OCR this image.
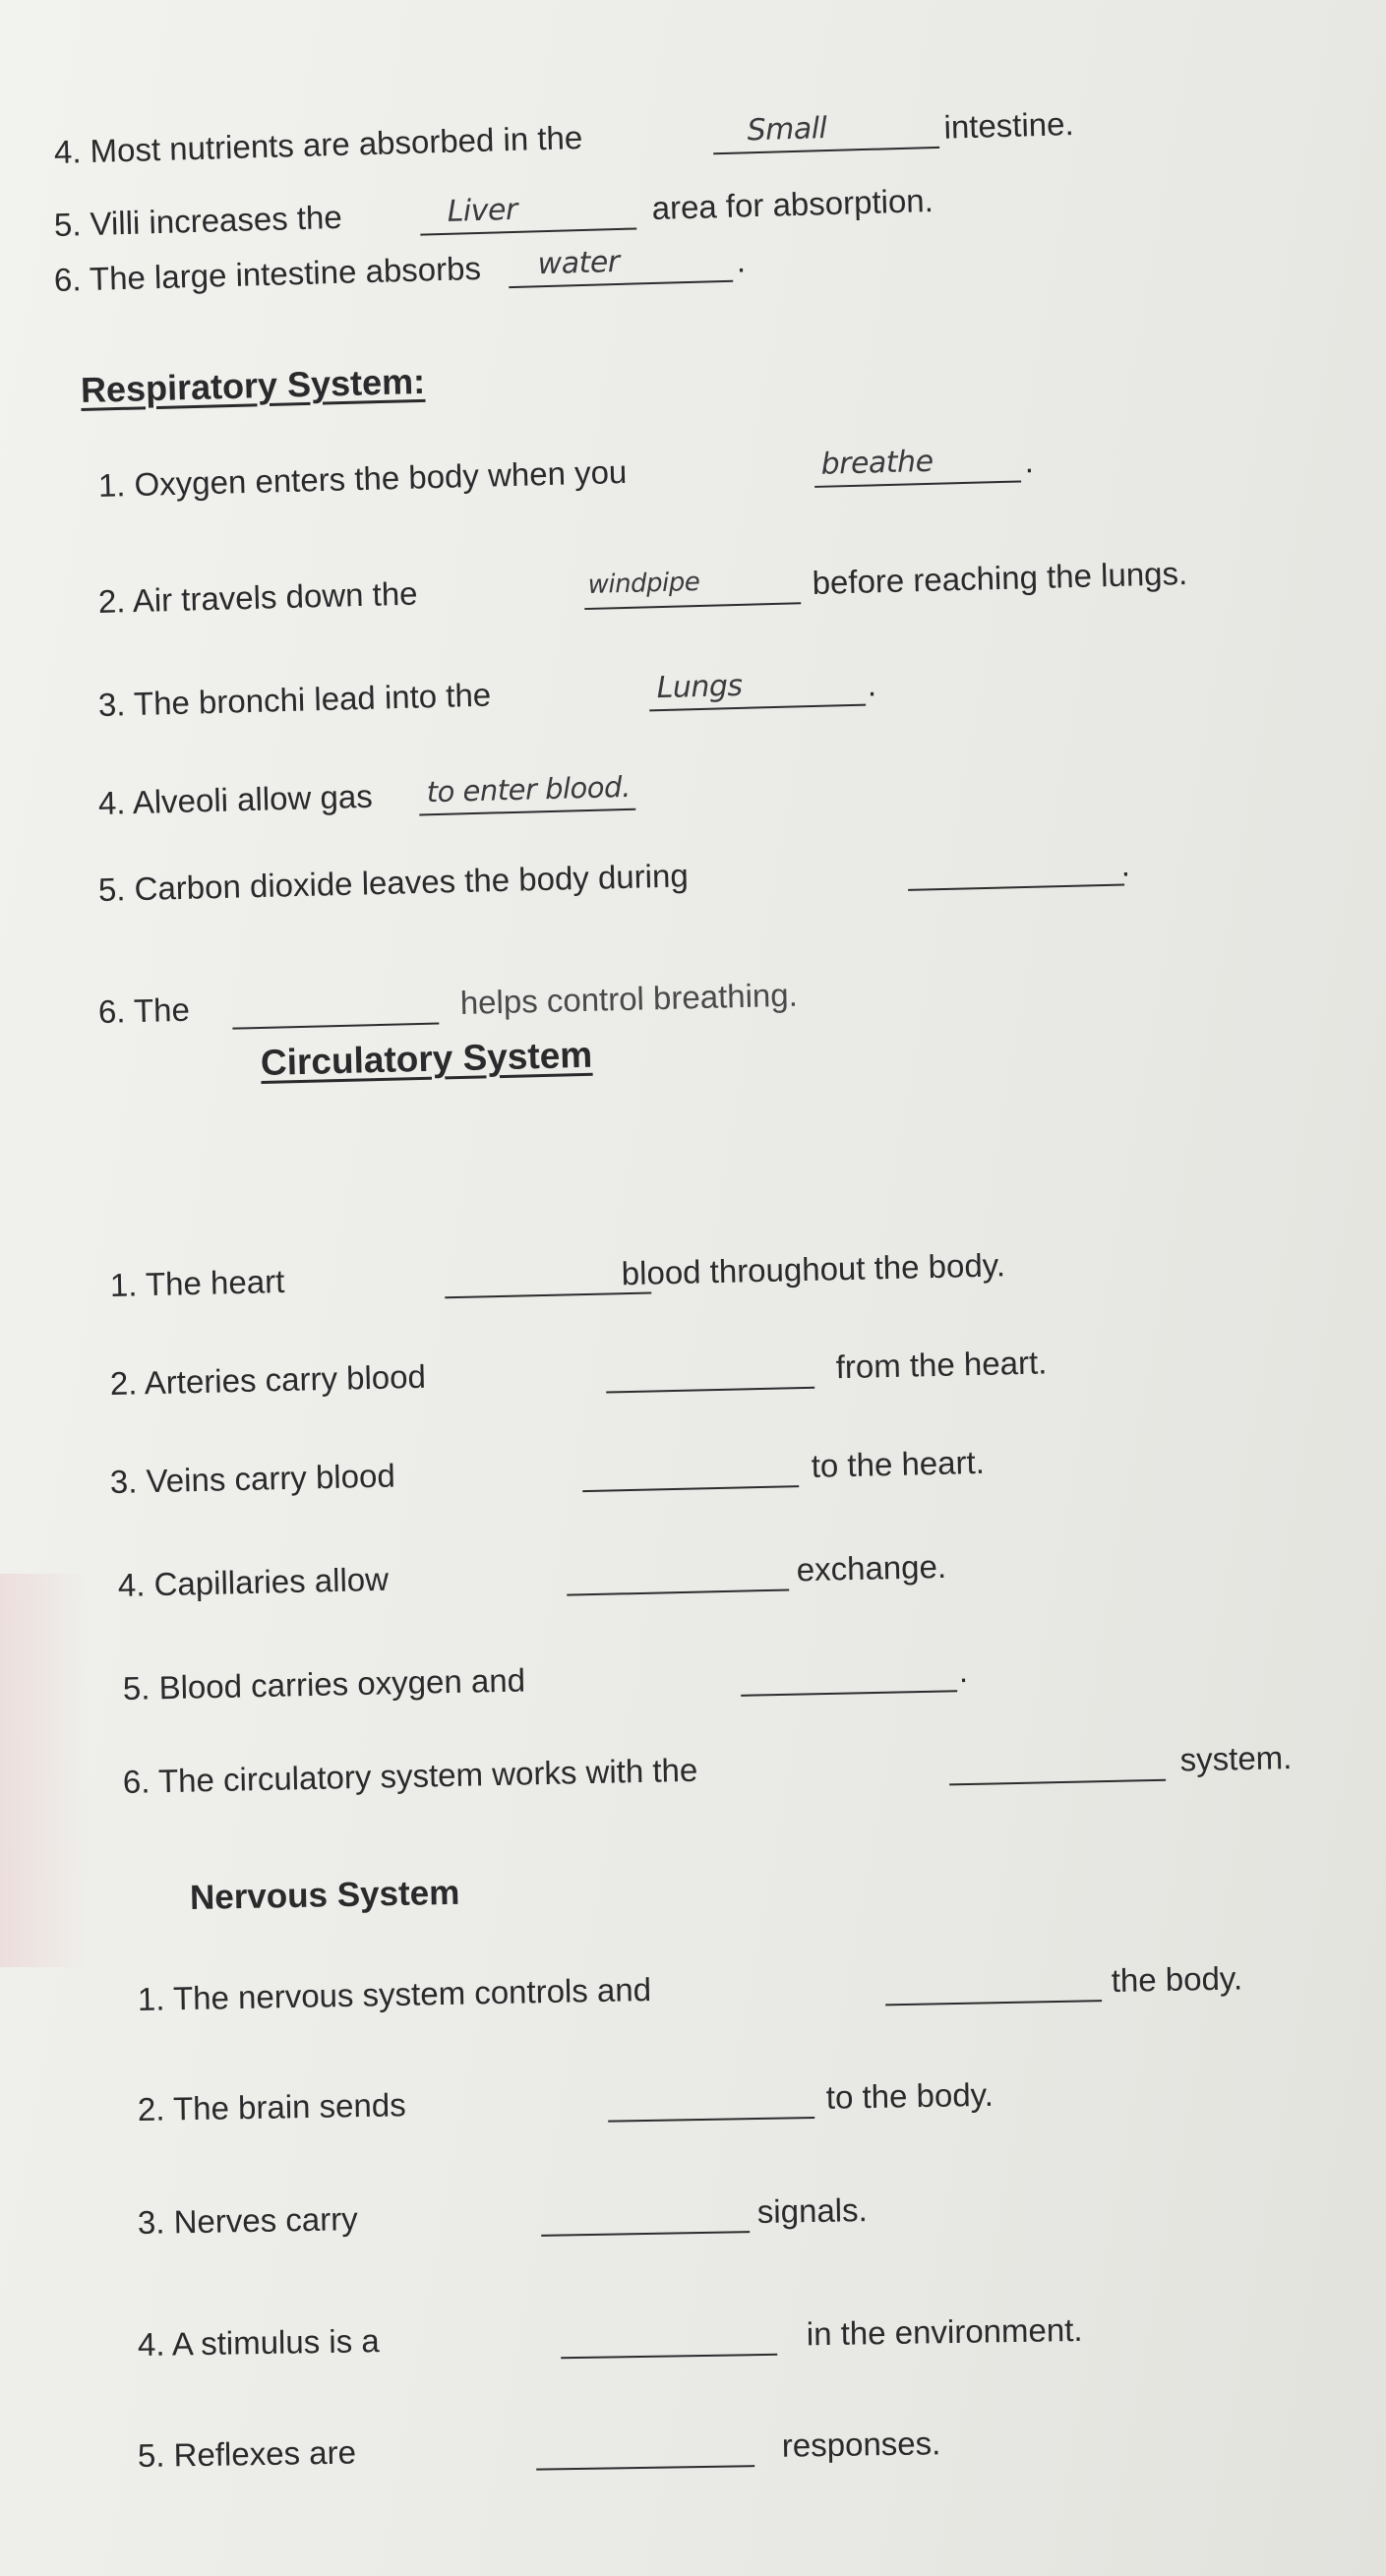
4. Most nutrients are absorbed in the	Small	intestine.
5. Villi increases the	Liver	area for absorption.
6. The large intestine absorbs water	.
Respiratory System:
1. Oxygen enters the body when you	breathe	.
2. Air travels down the	windpipe	before reaching the lungs.
3. The bronchi lead into the	Lungs	.
4. Alveoli allow gas to enter blood.
5. Carbon dioxide leaves the body during	.
6. The	helps control breathing.
Circulatory System
1. The heart	blood throughout the body.
2. Arteries carry blood	from the heart.
3. Veins carry blood	to the heart.
4. Capillaries allow	exchange.
5. Blood carries oxygen and	.
6. The circulatory system works with the	system.
Nervous System
1. The nervous system controls and	the body.
2. The brain sends	to the body.
3. Nerves carry	signals.
4. A stimulus is a	in the environment.
5. Reflexes are	responses.
